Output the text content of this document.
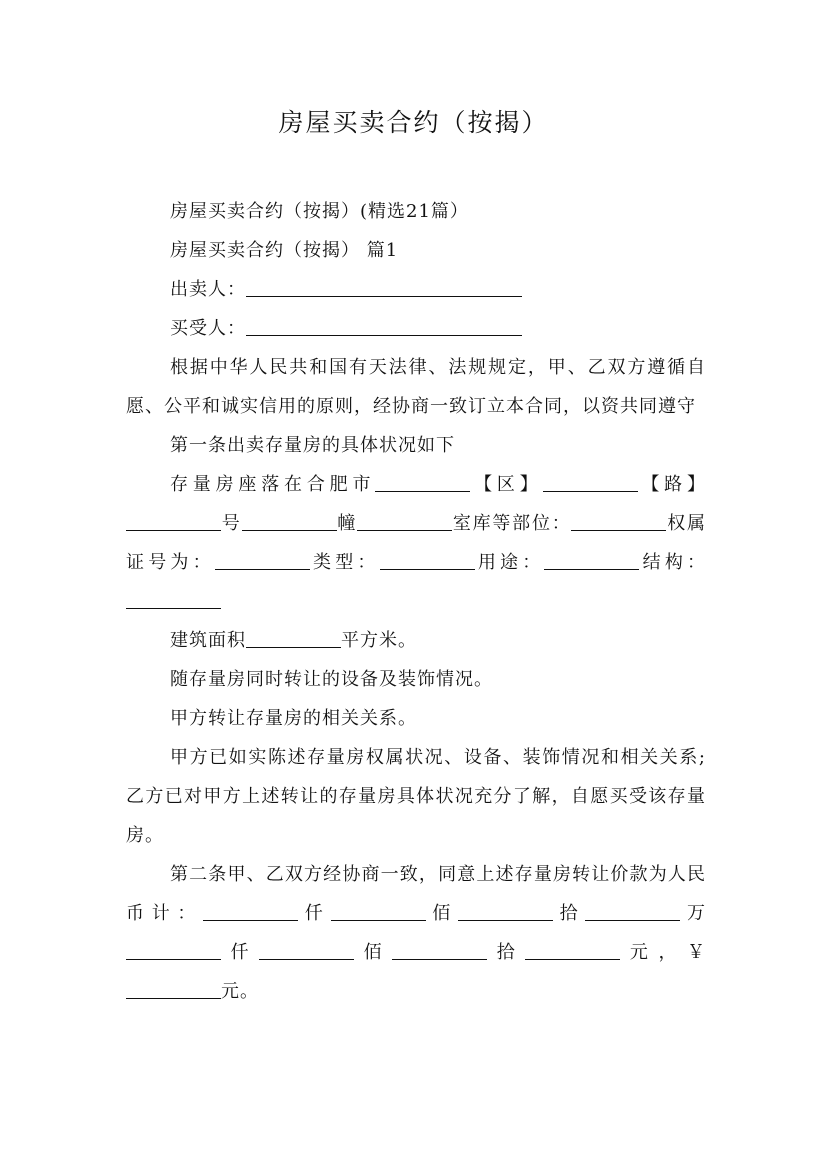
房屋买卖合约（按揭）

房屋买卖合约（按揭）(精选21篇）

房屋买卖合约（按揭） 篇1

出卖人：

买受人：

根据中华人民共和国有天法律、法规规定，甲、乙双方遵循自愿、公平和诚实信用的原则，经协商一致订立本合同，以资共同遵守

第一条出卖存量房的具体状况如下

存量房座落在合肥市	【区】	【路】号	幢	室库等部位：	权属证号为：	类型：	用途：	结构：

建筑面积	平方米。

随存量房同时转让的设备及装饰情况。

甲方转让存量房的相关关系。

甲方已如实陈述存量房权属状况、设备、装饰情况和相关关系;乙方已对甲方上述转让的存量房具体状况充分了解，自愿买受该存量房。

第二条甲、乙双方经协商一致，同意上述存量房转让价款为人民币计：	仟	佰	拾	万仟	佰	拾	元，￥元。
